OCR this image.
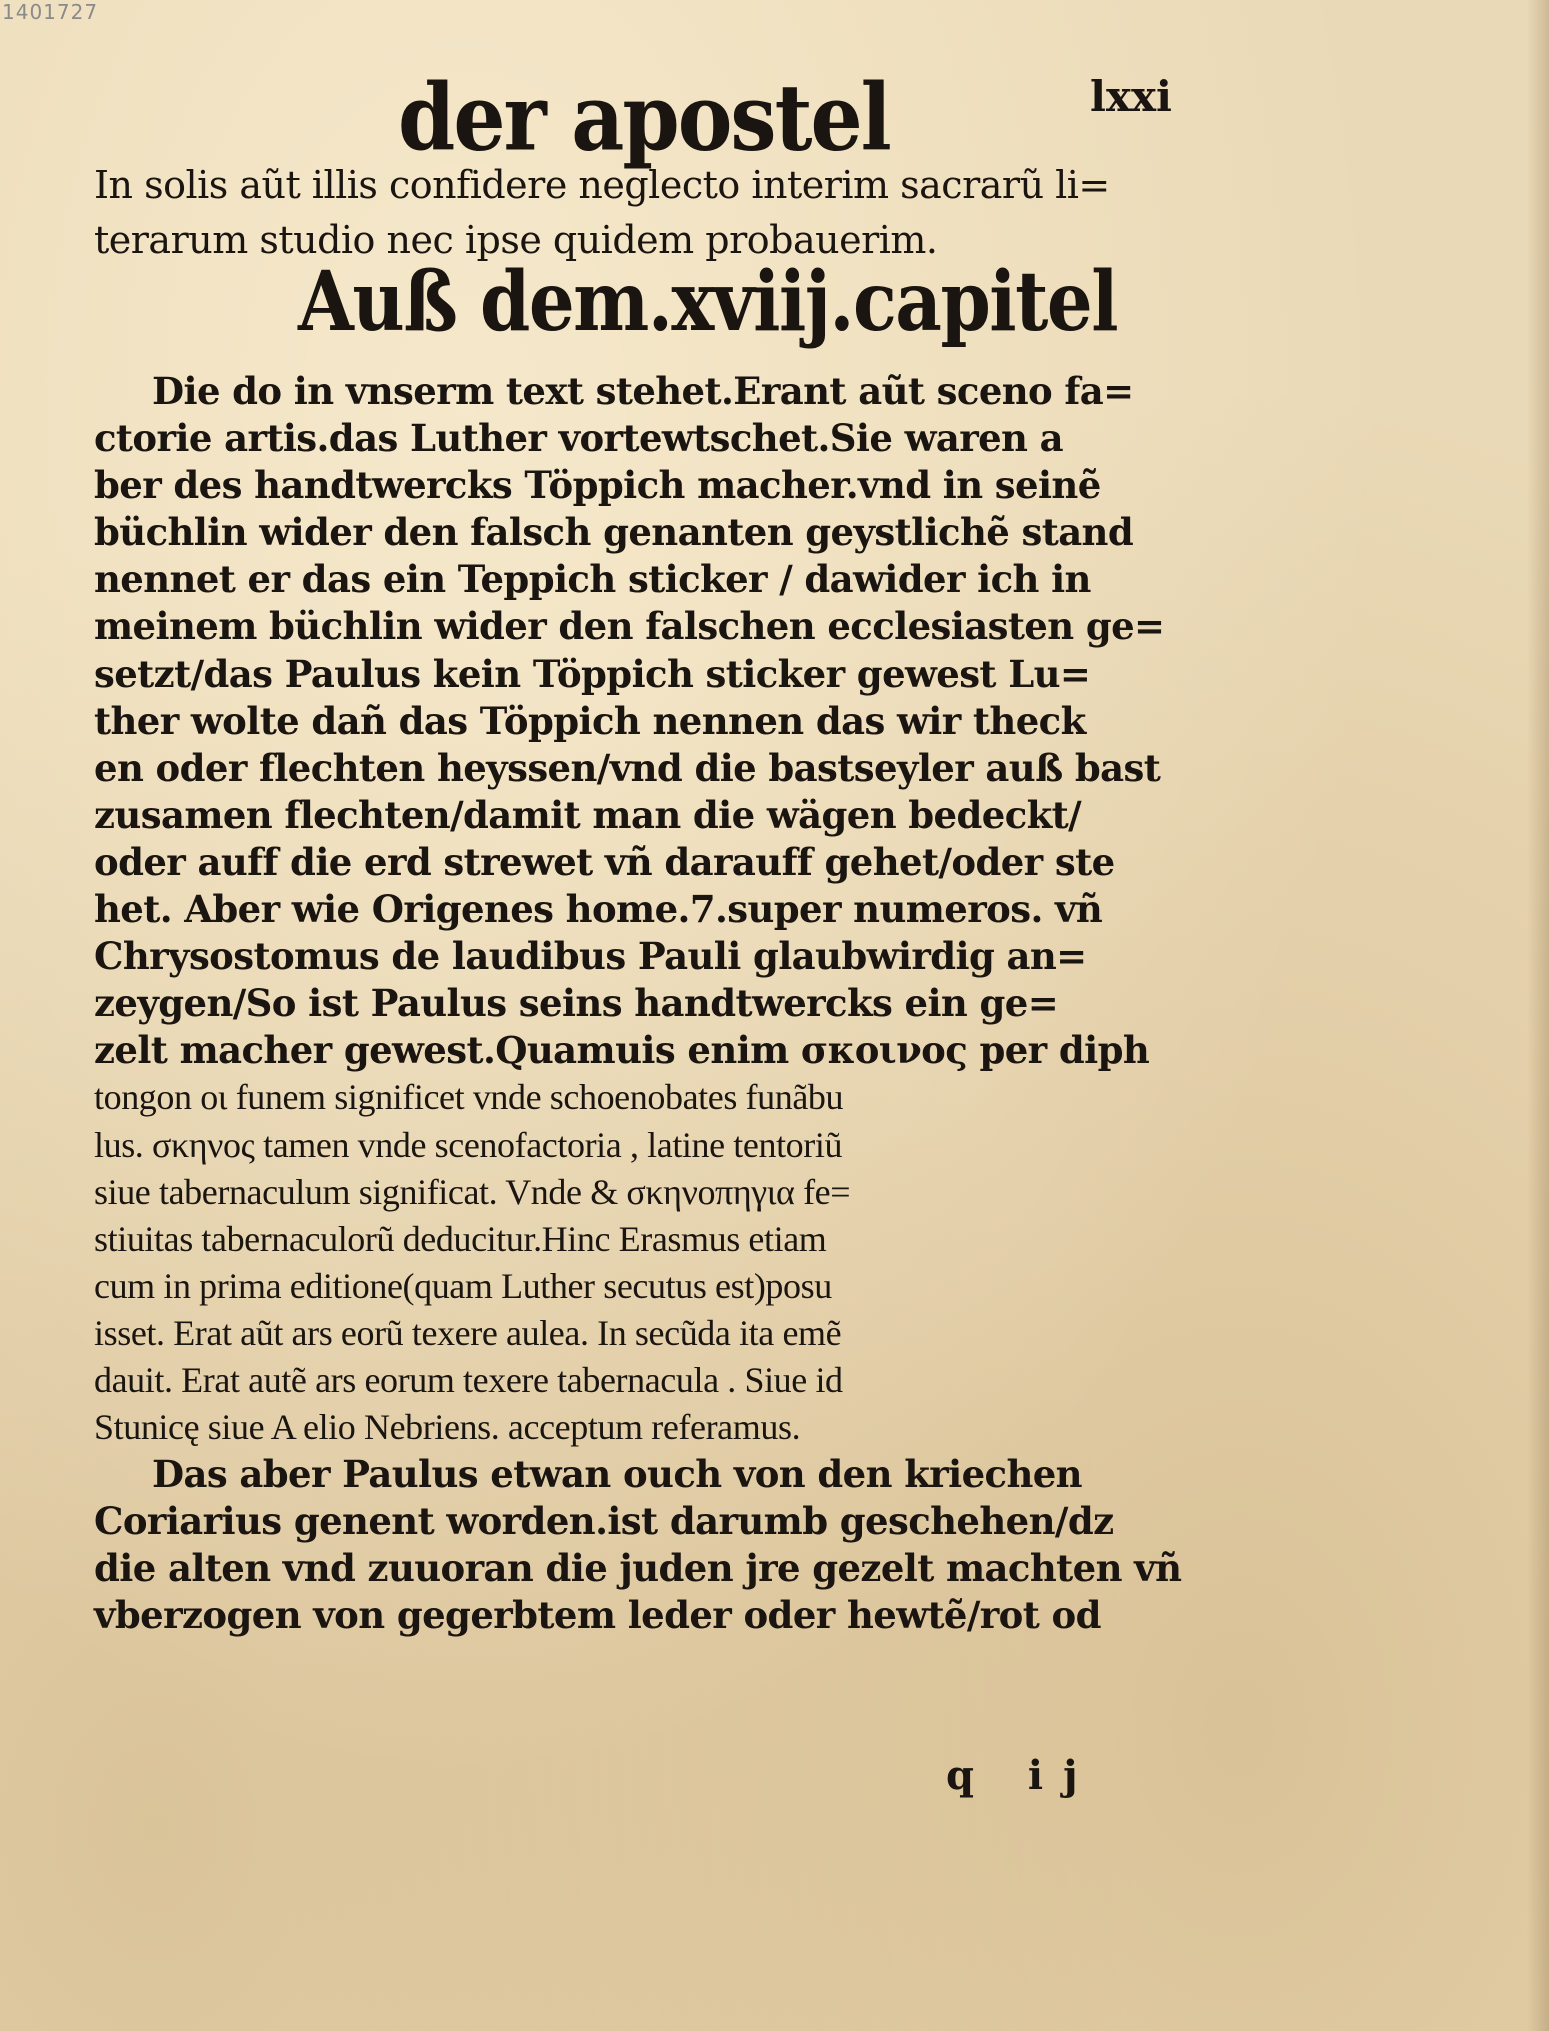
1401727
der apostel	lxxi
In solis aũt illis confidere neglecto interim sacrarũ li=
terarum studio nec ipse quidem probauerim.
Auß dem.xviij.capitel
Die do in vnserm text stehet.Erant aũt sceno fa=
ctorie artis.das Luther vortewtschet.Sie waren a
ber des handtwercks Töppich macher.vnd in seinẽ
büchlin wider den falsch genanten geystlichẽ stand
nennet er das ein Teppich sticker / dawider ich in
meinem büchlin wider den falschen ecclesiasten ge=
setzt/das Paulus kein Töppich sticker gewest Lu=
ther wolte dañ das Töppich nennen das wir theck
en oder flechten heyssen/vnd die bastseyler auß bast
zusamen flechten/damit man die wägen bedeckt/
oder auff die erd strewet vñ darauff gehet/oder ste
het. Aber wie Origenes home.7.super numeros. vñ
Chrysostomus de laudibus Pauli glaubwirdig an=
zeygen/So ist Paulus seins handtwercks ein ge=
zelt macher gewest.Quamuis enim σκοινος per diph
tongon οι funem significet vnde schoenobates funãbu
lus. σκηνος tamen vnde scenofactoria , latine tentoriũ
siue tabernaculum significat. Vnde & σκηνοπηγια fe=
stiuitas tabernaculorũ deducitur.Hinc Erasmus etiam
cum in prima editione(quam Luther secutus est)posu
isset. Erat aũt ars eorũ texere aulea. In secũda ita emẽ
dauit. Erat autẽ ars eorum texere tabernacula . Siue id
Stunicę siue A elio Nebriens. acceptum referamus.
Das aber Paulus etwan ouch von den kriechen
Coriarius genent worden.ist darumb geschehen/dz
die alten vnd zuuoran die juden jre gezelt machten vñ
vberzogen von gegerbtem leder oder hewtẽ/rot od
q ij
